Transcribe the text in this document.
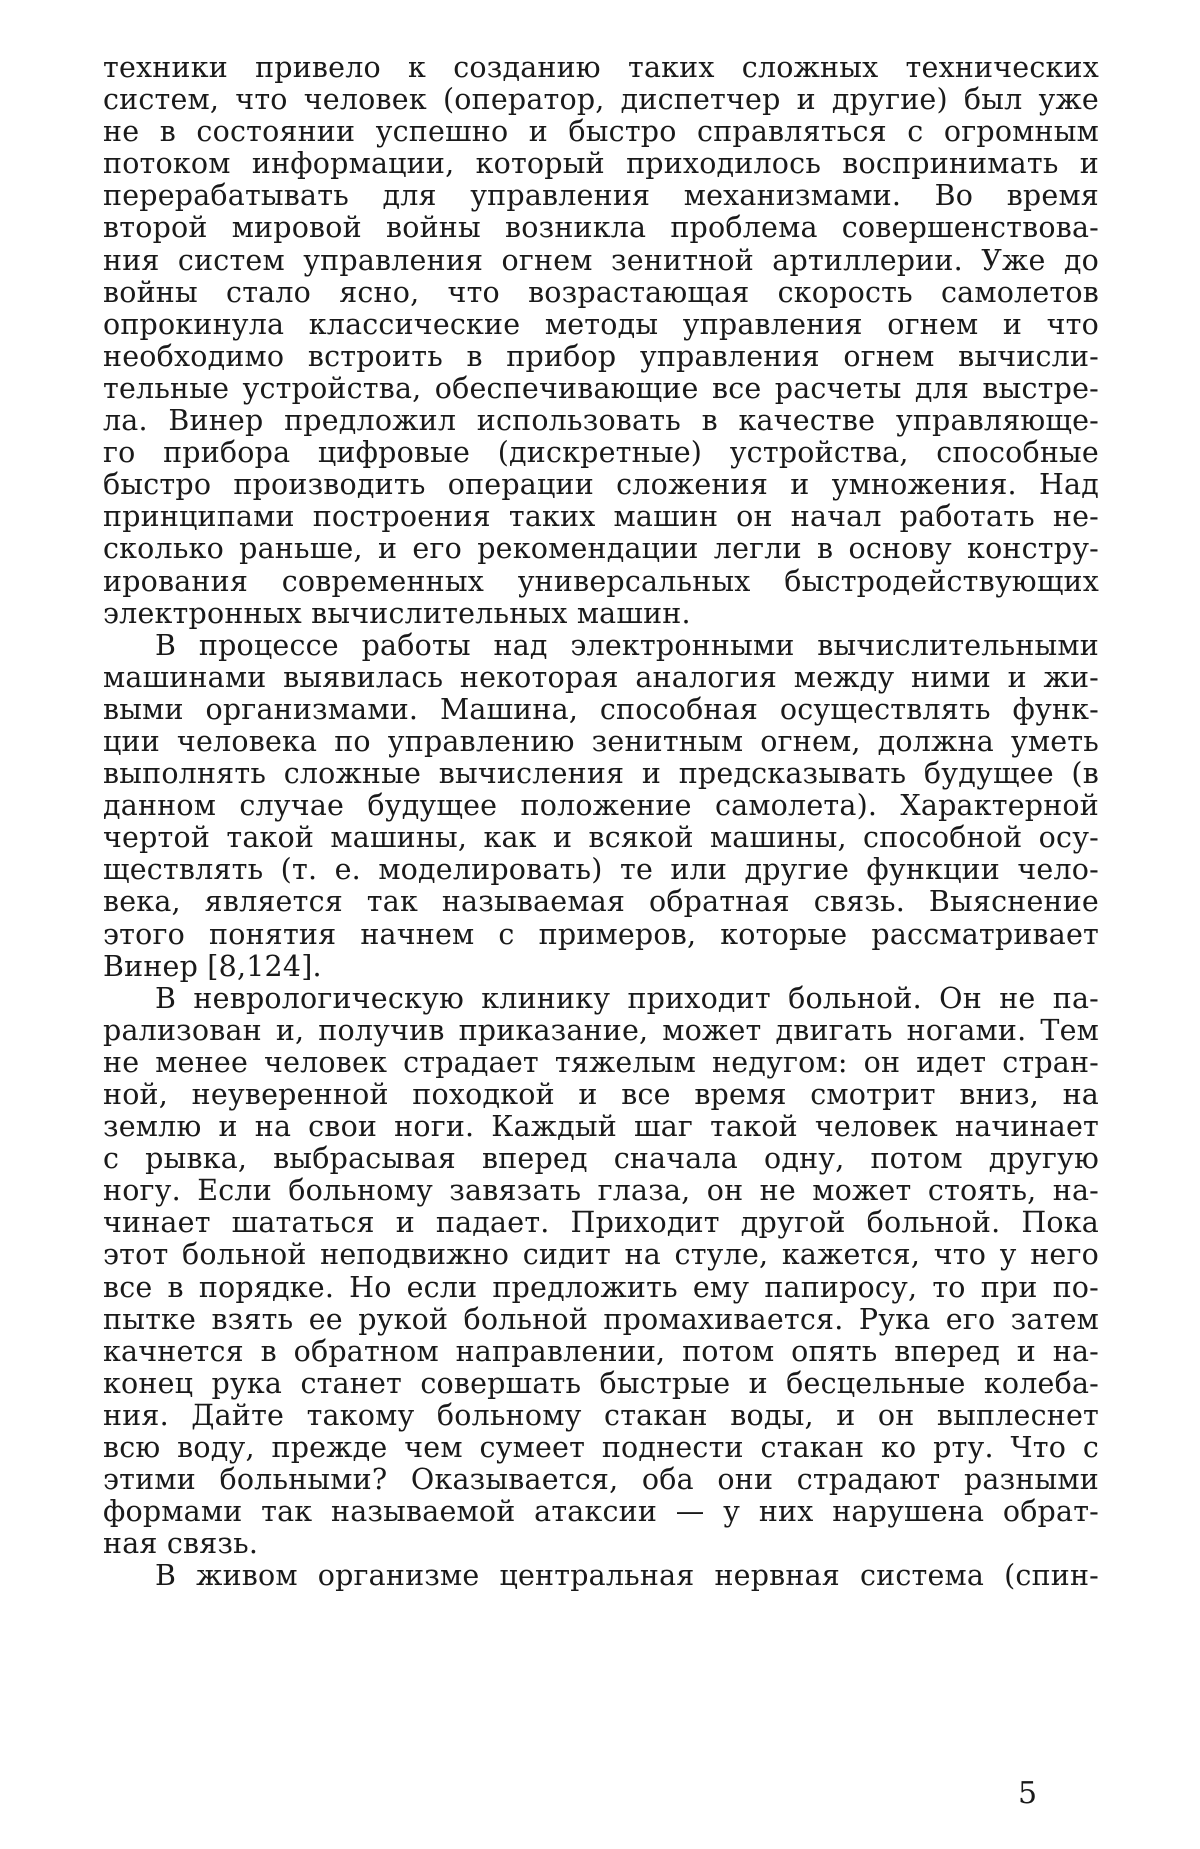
техники привело к созданию таких сложных технических
систем, что человек (оператор, диспетчер и другие) был уже
не в состоянии успешно и быстро справляться с огромным
потоком информации, который приходилось воспринимать и
перерабатывать для управления механизмами. Во время
второй мировой войны возникла проблема совершенствова-
ния систем управления огнем зенитной артиллерии. Уже до
войны стало ясно, что возрастающая скорость самолетов
опрокинула классические методы управления огнем и что
необходимо встроить в прибор управления огнем вычисли-
тельные устройства, обеспечивающие все расчеты для выстре-
ла. Винер предложил использовать в качестве управляюще-
го прибора цифровые (дискретные) устройства, способные
быстро производить операции сложения и умножения. Над
принципами построения таких машин он начал работать не-
сколько раньше, и его рекомендации легли в основу констру-
ирования современных универсальных быстродействующих
электронных вычислительных машин.
В процессе работы над электронными вычислительными
машинами выявилась некоторая аналогия между ними и жи-
выми организмами. Машина, способная осуществлять функ-
ции человека по управлению зенитным огнем, должна уметь
выполнять сложные вычисления и предсказывать будущее (в
данном случае будущее положение самолета). Характерной
чертой такой машины, как и всякой машины, способной осу-
ществлять (т. е. моделировать) те или другие функции чело-
века, является так называемая обратная связь. Выяснение
этого понятия начнем с примеров, которые рассматривает
Винер [8,124].
В неврологическую клинику приходит больной. Он не па-
рализован и, получив приказание, может двигать ногами. Тем
не менее человек страдает тяжелым недугом: он идет стран-
ной, неуверенной походкой и все время смотрит вниз, на
землю и на свои ноги. Каждый шаг такой человек начинает
с рывка, выбрасывая вперед сначала одну, потом другую
ногу. Если больному завязать глаза, он не может стоять, на-
чинает шататься и падает. Приходит другой больной. Пока
этот больной неподвижно сидит на стуле, кажется, что у него
все в порядке. Но если предложить ему папиросу, то при по-
пытке взять ее рукой больной промахивается. Рука его затем
качнется в обратном направлении, потом опять вперед и на-
конец рука станет совершать быстрые и бесцельные колеба-
ния. Дайте такому больному стакан воды, и он выплеснет
всю воду, прежде чем сумеет поднести стакан ко рту. Что с
этими больными? Оказывается, оба они страдают разными
формами так называемой атаксии — у них нарушена обрат-
ная связь.
В живом организме центральная нервная система (спин-
5
